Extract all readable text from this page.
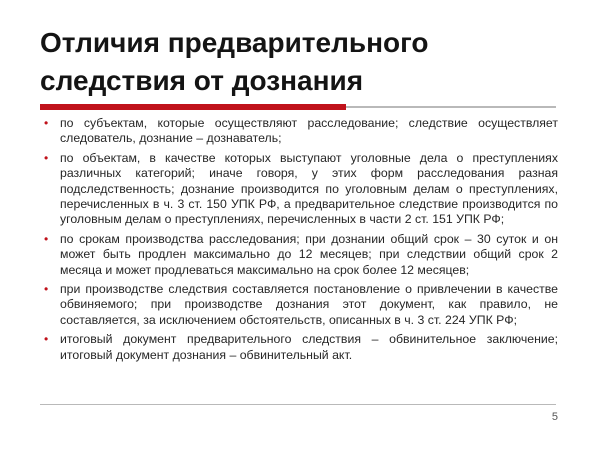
Отличия предварительного следствия от дознания
• по субъектам, которые осуществляют расследование; следствие осуществляет следователь, дознание – дознаватель;
• по объектам, в качестве которых выступают уголовные дела о преступлениях различных категорий; иначе говоря, у этих форм расследования разная подследственность; дознание производится по уголовным делам о преступлениях, перечисленных в ч. 3 ст. 150 УПК РФ, а предварительное следствие производится по уголовным делам о преступлениях, перечисленных в части 2 ст. 151 УПК РФ;
• по срокам производства расследования; при дознании общий срок – 30 суток и он может быть продлен максимально до 12 месяцев; при следствии общий срок 2 месяца и может продлеваться максимально на срок более 12 месяцев;
• при производстве следствия составляется постановление о привлечении в качестве обвиняемого; при производстве дознания этот документ, как правило, не составляется, за исключением обстоятельств, описанных в ч. 3 ст. 224 УПК РФ;
• итоговый документ предварительного следствия – обвинительное заключение; итоговый документ дознания – обвинительный акт.
5
